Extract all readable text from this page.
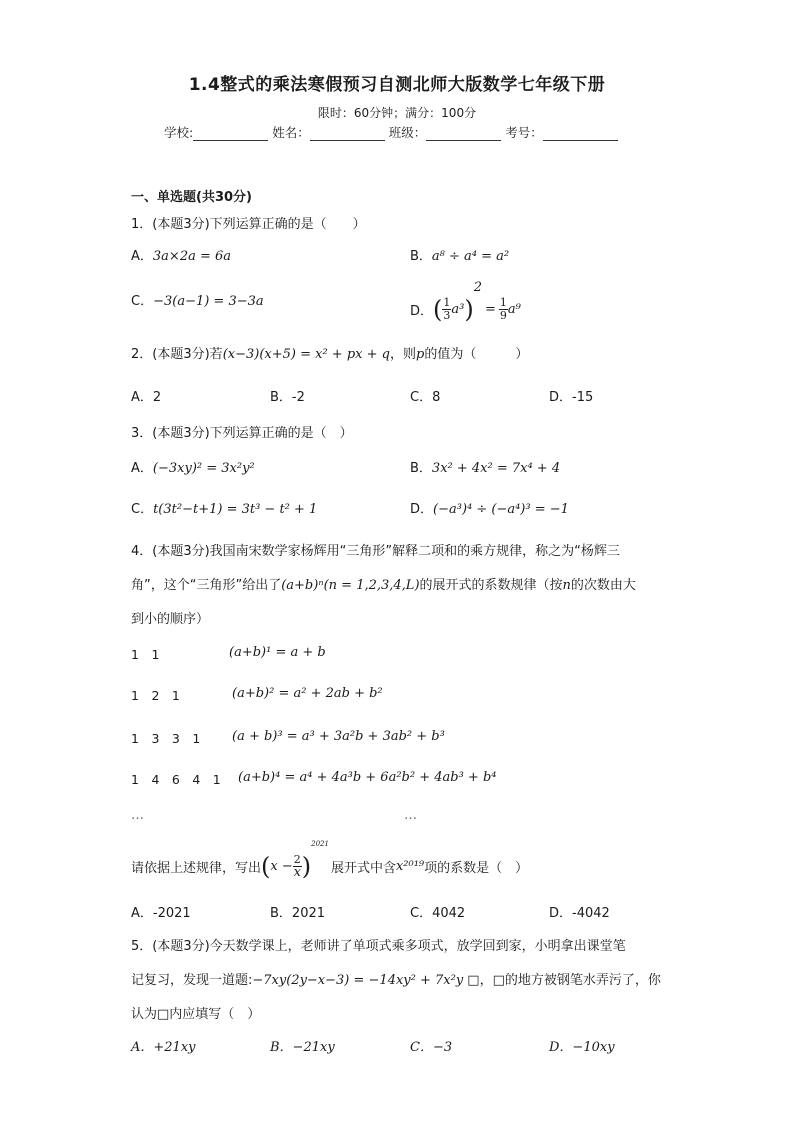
1.4整式的乘法寒假预习自测北师大版数学七年级下册
限时：60分钟；满分：100分
学校:	姓名：	班级：	考号：
一、单选题(共30分)
1．(本题3分)下列运算正确的是（　　）
A．3a×2a = 6a	B．a⁸ ÷ a⁴ = a²
C．−3(a−1) = 3−3a
D．( $\frac{1}{3} a^3)^2= \frac{1}{9} a^9$
2．(本题3分)若(x−3)(x+5) = x² + px + q，则p的值为（　　　）
A．2	B．-2	C．8	D．-15
3．(本题3分)下列运算正确的是（　）
A．(−3xy)² = 3x²y²	B．3x² + 4x² = 7x⁴ + 4
C．t(3t²−t+1) = 3t³ − t² + 1	D．(−a³)⁴ ÷ (−a⁴)³ = −1
4．(本题3分)我国南宋数学家杨辉用“三角形”解释二项和的乘方规律，称之为“杨辉三
角”，这个“三角形”给出了(a+b)ⁿ(n = 1,2,3,4,L)的展开式的系数规律（按n的次数由大
到小的顺序）
1　1	(a+b)¹ = a + b
1　2　1	(a+b)² = a² + 2ab + b²
1　3　3　1 (a + b)³ = a³ + 3a²b + 3ab² + b³
1　4　6　4　1 (a+b)⁴ = a⁴ + 4a³b + 6a²b² + 4ab³ + b⁴
…	…
请依据上述规律，写出$(x - \frac{2}{x} )^{2021}$展开式中含x²⁰¹⁹项的系数是（　）
A．-2021	B．2021	C．4042	D．-4042
5．(本题3分)今天数学课上，老师讲了单项式乘多项式，放学回到家，小明拿出课堂笔
记复习，发现一道题:−7xy(2y−x−3) = −14xy² + 7x²y □，□的地方被钢笔水弄污了，你
认为□内应填写（　）
A．+21xy	B．−21xy	C．−3	D．−10xy
